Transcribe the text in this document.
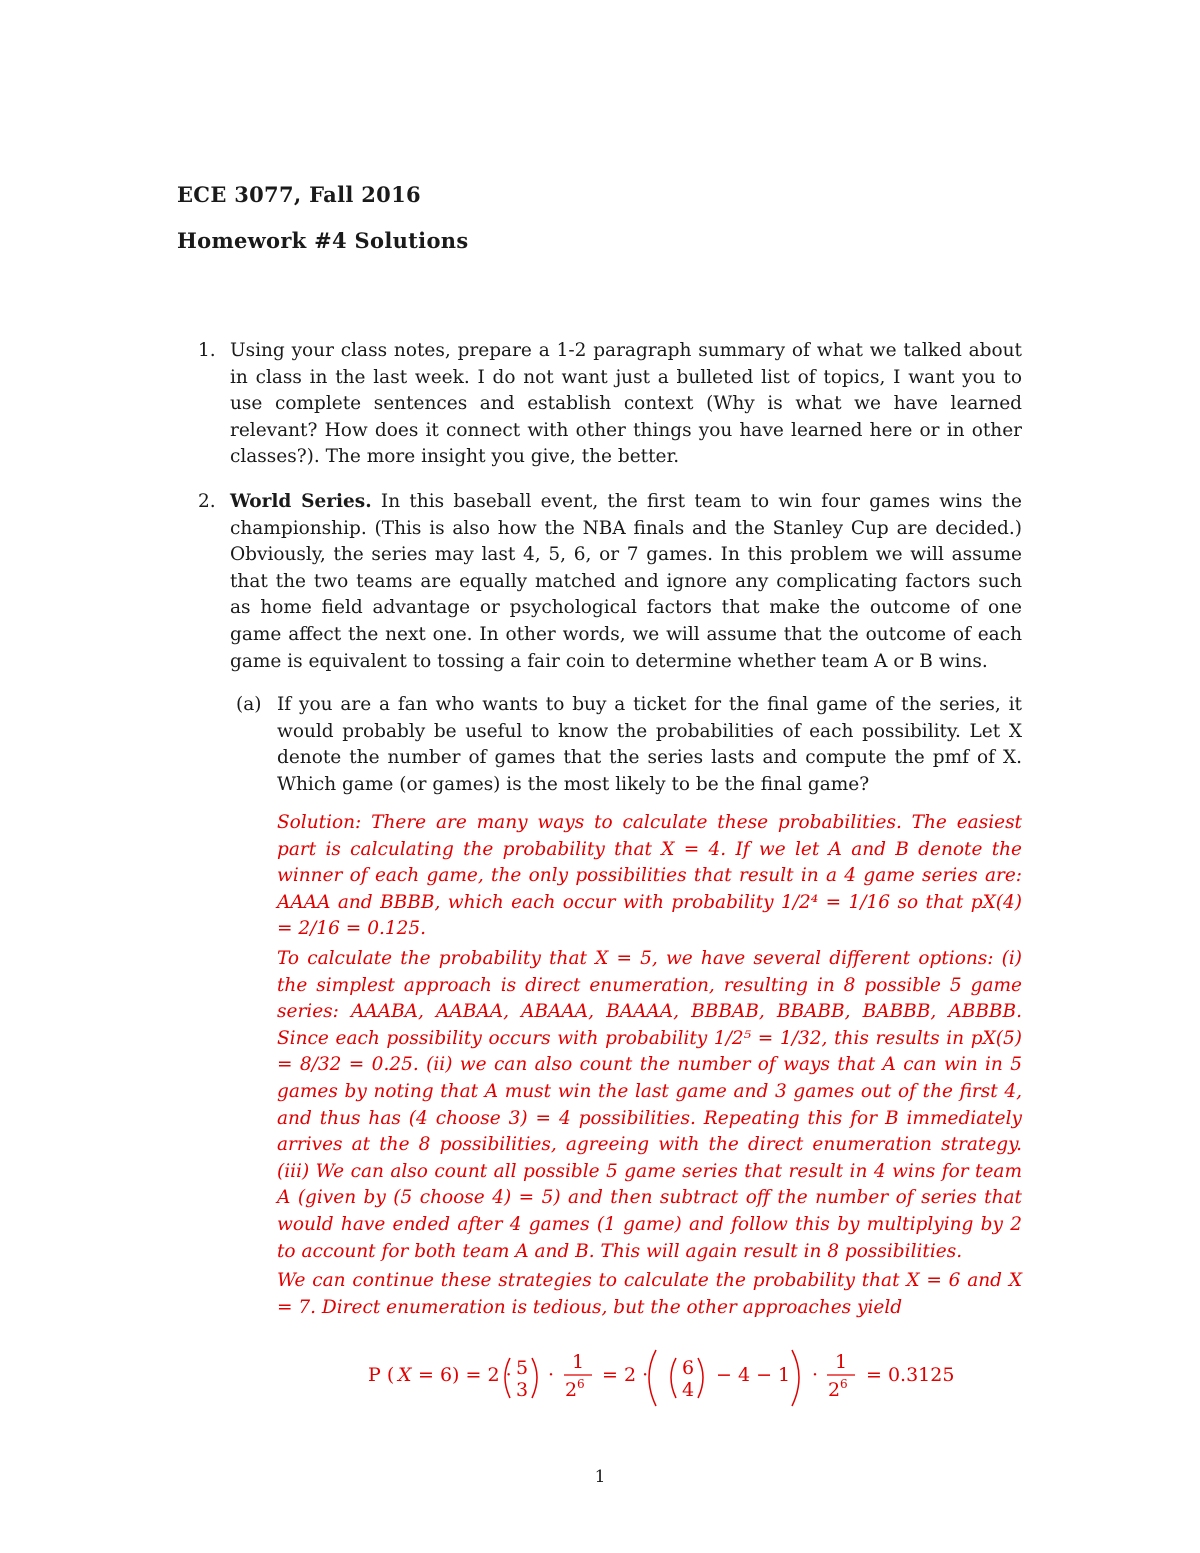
ECE 3077, Fall 2016
Homework #4 Solutions
1. Using your class notes, prepare a 1-2 paragraph summary of what we talked about in class in the last week. I do not want just a bulleted list of topics, I want you to use complete sentences and establish context (Why is what we have learned relevant? How does it connect with other things you have learned here or in other classes?). The more insight you give, the better.
2. World Series. In this baseball event, the first team to win four games wins the championship. (This is also how the NBA finals and the Stanley Cup are decided.) Obviously, the series may last 4, 5, 6, or 7 games. In this problem we will assume that the two teams are equally matched and ignore any complicating factors such as home field advantage or psychological factors that make the outcome of one game affect the next one. In other words, we will assume that the outcome of each game is equivalent to tossing a fair coin to determine whether team A or B wins.
(a) If you are a fan who wants to buy a ticket for the final game of the series, it would probably be useful to know the probabilities of each possibility. Let X denote the number of games that the series lasts and compute the pmf of X. Which game (or games) is the most likely to be the final game?
Solution: There are many ways to calculate these probabilities. The easiest part is calculating the probability that X = 4. If we let A and B denote the winner of each game, the only possibilities that result in a 4 game series are: AAAA and BBBB, which each occur with probability 1/2⁴ = 1/16 so that pX(4) = 2/16 = 0.125.
To calculate the probability that X = 5, we have several different options: (i) the simplest approach is direct enumeration, resulting in 8 possible 5 game series: AAABA, AABAA, ABAAA, BAAAA, BBBAB, BBABB, BABBB, ABBBB. Since each possibility occurs with probability 1/2⁵ = 1/32, this results in pX(5) = 8/32 = 0.25. (ii) we can also count the number of ways that A can win in 5 games by noting that A must win the last game and 3 games out of the first 4, and thus has (4 choose 3) = 4 possibilities. Repeating this for B immediately arrives at the 8 possibilities, agreeing with the direct enumeration strategy. (iii) We can also count all possible 5 game series that result in 4 wins for team A (given by (5 choose 4) = 5) and then subtract off the number of series that would have ended after 4 games (1 game) and follow this by multiplying by 2 to account for both team A and B. This will again result in 8 possibilities.
We can continue these strategies to calculate the probability that X = 6 and X = 7. Direct enumeration is tedious, but the other approaches yield
P ( X = 6) = 2 · 5
3
·
1
2 6 = 2 · 6
4
− 4 − 1 ·
1
2 6 = 0.3125
1
